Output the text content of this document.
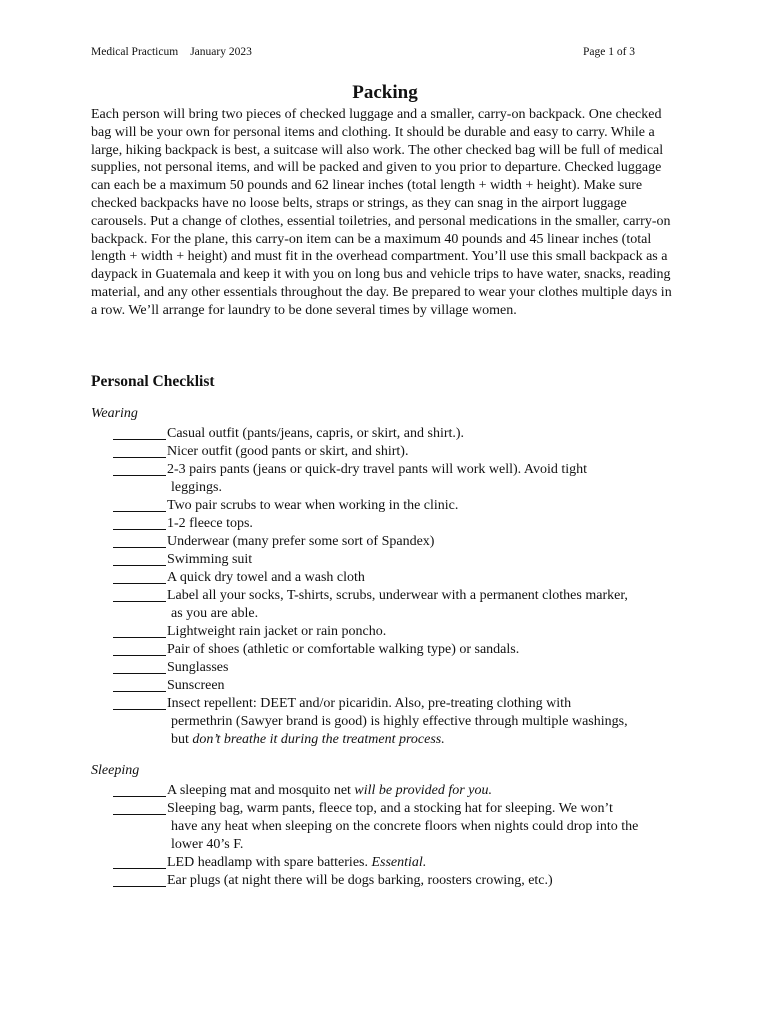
Medical Practicum January 2023	Page 1 of 3
Packing

Each person will bring two pieces of checked luggage and a smaller, carry-on backpack. One checked bag will be your own for personal items and clothing. It should be durable and easy to carry. While a large, hiking backpack is best, a suitcase will also work. The other checked bag will be full of medical supplies, not personal items, and will be packed and given to you prior to departure. Checked luggage can each be a maximum 50 pounds and 62 linear inches (total length + width + height). Make sure checked backpacks have no loose belts, straps or strings, as they can snag in the airport luggage carousels. Put a change of clothes, essential toiletries, and personal medications in the smaller, carry-on backpack. For the plane, this carry-on item can be a maximum 40 pounds and 45 linear inches (total length + width + height) and must fit in the overhead compartment. You’ll use this small backpack as a daypack in Guatemala and keep it with you on long bus and vehicle trips to have water, snacks, reading material, and any other essentials throughout the day. Be prepared to wear your clothes multiple days in a row. We’ll arrange for laundry to be done several times by village women.

Personal Checklist
Wearing
Casual outfit (pants/jeans, capris, or skirt, and shirt.).
Nicer outfit (good pants or skirt, and shirt).
2-3 pairs pants (jeans or quick-dry travel pants will work well). Avoid tight
leggings.
Two pair scrubs to wear when working in the clinic.
1-2 fleece tops.
Underwear (many prefer some sort of Spandex)
Swimming suit
A quick dry towel and a wash cloth
Label all your socks, T-shirts, scrubs, underwear with a permanent clothes marker,
as you are able.
Lightweight rain jacket or rain poncho.
Pair of shoes (athletic or comfortable walking type) or sandals.
Sunglasses
Sunscreen
Insect repellent: DEET and/or picaridin. Also, pre-treating clothing with
permethrin (Sawyer brand is good) is highly effective through multiple washings,
but don’t breathe it during the treatment process.
Sleeping
A sleeping mat and mosquito net will be provided for you.
Sleeping bag, warm pants, fleece top, and a stocking hat for sleeping. We won’t
have any heat when sleeping on the concrete floors when nights could drop into the
lower 40’s F.
LED headlamp with spare batteries. Essential.
Ear plugs (at night there will be dogs barking, roosters crowing, etc.)
